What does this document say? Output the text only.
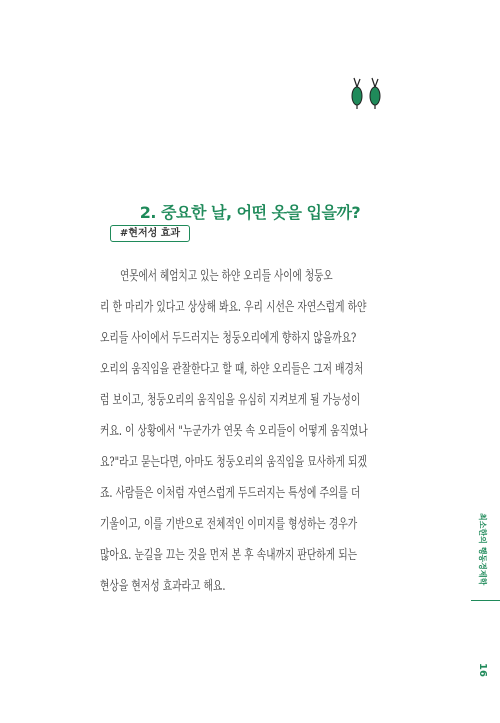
2. 중요한 날, 어떤 옷을 입을까?
#현저성 효과
연못에서 헤엄치고 있는 하얀 오리들 사이에 청둥오
리 한 마리가 있다고 상상해 봐요. 우리 시선은 자연스럽게 하얀
오리들 사이에서 두드러지는 청둥오리에게 향하지 않을까요?
오리의 움직임을 관찰한다고 할 때, 하얀 오리들은 그저 배경처
럼 보이고, 청둥오리의 움직임을 유심히 지켜보게 될 가능성이
커요. 이 상황에서 "누군가가 연못 속 오리들이 어떻게 움직였나
요?"라고 묻는다면, 아마도 청둥오리의 움직임을 묘사하게 되겠
죠. 사람들은 이처럼 자연스럽게 두드러지는 특성에 주의를 더
기울이고, 이를 기반으로 전체적인 이미지를 형성하는 경우가
많아요. 눈길을 끄는 것을 먼저 본 후 속내까지 판단하게 되는
현상을 현저성 효과라고 해요.
최소한의 행동경제학
16
